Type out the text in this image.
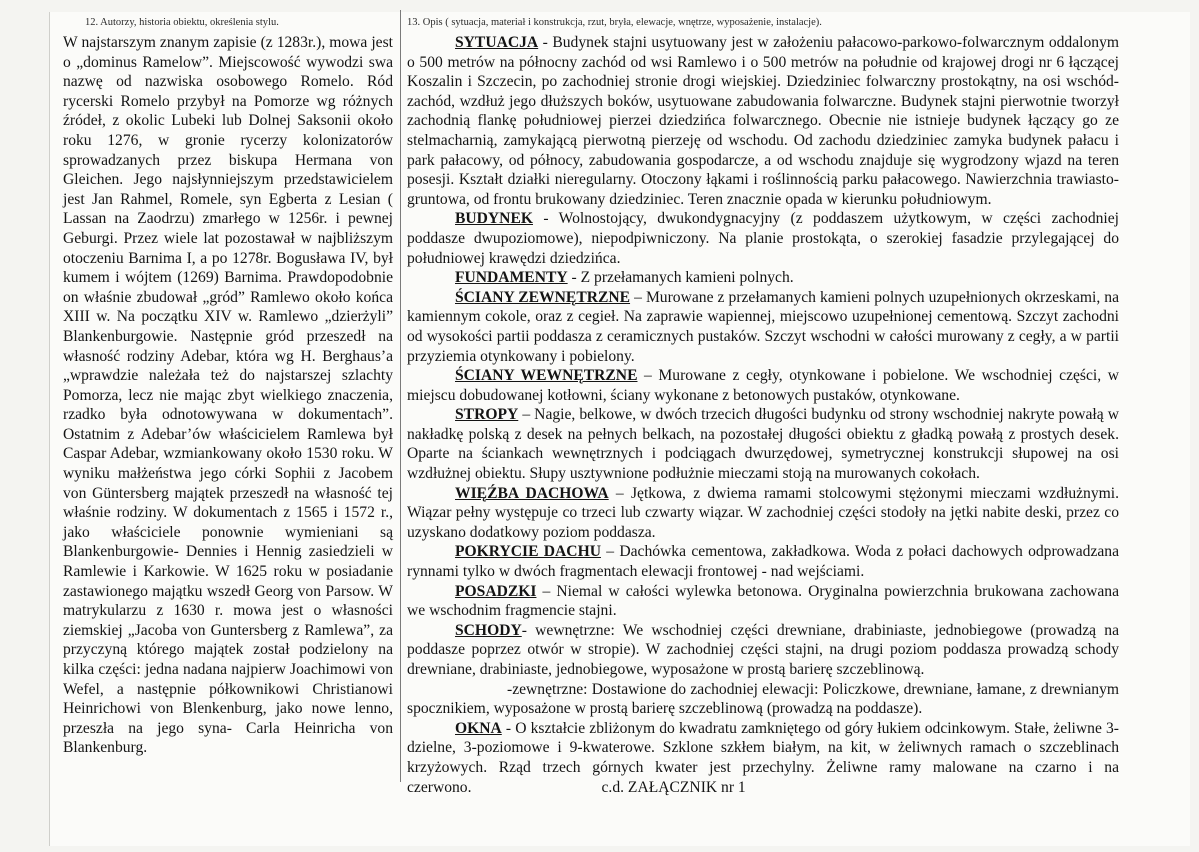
12. Autorzy, historia obiektu, określenia stylu.

W najstarszym znanym zapisie (z 1283r.), mowa jest o „dominus Ramelow”. Miejscowość wywodzi swa nazwę od nazwiska osobowego Romelo. Ród rycerski Romelo przybył na Pomorze wg różnych źródeł, z okolic Lubeki lub Dolnej Saksonii około roku 1276, w gronie rycerzy kolonizatorów sprowadzanych przez biskupa Hermana von Gleichen. Jego najsłynniejszym przedstawicielem jest Jan Rahmel, Romele, syn Egberta z Lesian ( Lassan na Zaodrzu) zmarłego w 1256r. i pewnej Geburgi. Przez wiele lat pozostawał w najbliższym otoczeniu Barnima I, a po 1278r. Bogusława IV, był kumem i wójtem (1269) Barnima. Prawdopodobnie on właśnie zbudował „gród” Ramlewo około końca XIII w. Na początku XIV w. Ramlewo „dzierżyli” Blankenburgowie. Następnie gród przeszedł na własność rodziny Adebar, która wg H. Berghaus’a „wprawdzie należała też do najstarszej szlachty Pomorza, lecz nie mając zbyt wielkiego znaczenia, rzadko była odnotowywana w dokumentach”. Ostatnim z Adebar’ów właścicielem Ramlewa był Caspar Adebar, wzmiankowany około 1530 roku. W wyniku małżeństwa jego córki Sophii z Jacobem von Güntersberg majątek przeszedł na własność tej właśnie rodziny. W dokumentach z 1565 i 1572 r., jako właściciele ponownie wymieniani są Blankenburgowie- Dennies i Hennig zasiedzieli w Ramlewie i Karkowie. W 1625 roku w posiadanie zastawionego majątku wszedł Georg von Parsow. W matrykularzu z 1630 r. mowa jest o własności ziemskiej „Jacoba von Guntersberg z Ramlewa”, za przyczyną którego majątek został podzielony na kilka części: jedna nadana najpierw Joachimowi von Wefel, a następnie półkownikowi Christianowi Heinrichowi von Blenkenburg, jako nowe lenno, przeszła na jego syna- Carla Heinricha von Blankenburg.

13. Opis ( sytuacja, materiał i konstrukcja, rzut, bryła, elewacje, wnętrze, wyposażenie, instalacje).

SYTUACJA - Budynek stajni usytuowany jest w założeniu pałacowo-parkowo-folwarcznym oddalonym o 500 metrów na północny zachód od wsi Ramlewo i o 500 metrów na południe od krajowej drogi nr 6 łączącej Koszalin i Szczecin, po zachodniej stronie drogi wiejskiej. Dziedziniec folwarczny prostokątny, na osi wschód-zachód, wzdłuż jego dłuższych boków, usytuowane zabudowania folwarczne. Budynek stajni pierwotnie tworzył zachodnią flankę południowej pierzei dziedzińca folwarcznego. Obecnie nie istnieje budynek łączący go ze stelmacharnią, zamykającą pierwotną pierzeję od wschodu. Od zachodu dziedziniec zamyka budynek pałacu i park pałacowy, od północy, zabudowania gospodarcze, a od wschodu znajduje się wygrodzony wjazd na teren posesji. Kształt działki nieregularny. Otoczony łąkami i roślinnością parku pałacowego. Nawierzchnia trawiasto-gruntowa, od frontu brukowany dziedziniec. Teren znacznie opada w kierunku południowym.

BUDYNEK - Wolnostojący, dwukondygnacyjny (z poddaszem użytkowym, w części zachodniej poddasze dwupoziomowe), niepodpiwniczony. Na planie prostokąta, o szerokiej fasadzie przylegającej do południowej krawędzi dziedzińca.

FUNDAMENTY - Z przełamanych kamieni polnych.

ŚCIANY ZEWNĘTRZNE – Murowane z przełamanych kamieni polnych uzupełnionych okrzeskami, na kamiennym cokole, oraz z cegieł. Na zaprawie wapiennej, miejscowo uzupełnionej cementową. Szczyt zachodni od wysokości partii poddasza z ceramicznych pustaków. Szczyt wschodni w całości murowany z cegły, a w partii przyziemia otynkowany i pobielony.

ŚCIANY WEWNĘTRZNE – Murowane z cegły, otynkowane i pobielone. We wschodniej części, w miejscu dobudowanej kotłowni, ściany wykonane z betonowych pustaków, otynkowane.

STROPY – Nagie, belkowe, w dwóch trzecich długości budynku od strony wschodniej nakryte powałą w nakładkę polską z desek na pełnych belkach, na pozostałej długości obiektu z gładką powałą z prostych desek. Oparte na ściankach wewnętrznych i podciągach dwurzędowej, symetrycznej konstrukcji słupowej na osi wzdłużnej obiektu. Słupy usztywnione podłużnie mieczami stoją na murowanych cokołach.

WIĘŹBA DACHOWA – Jętkowa, z dwiema ramami stolcowymi stężonymi mieczami wzdłużnymi. Wiązar pełny występuje co trzeci lub czwarty wiązar. W zachodniej części stodoły na jętki nabite deski, przez co uzyskano dodatkowy poziom poddasza.

POKRYCIE DACHU – Dachówka cementowa, zakładkowa. Woda z połaci dachowych odprowadzana rynnami tylko w dwóch fragmentach elewacji frontowej - nad wejściami.

POSADZKI – Niemal w całości wylewka betonowa. Oryginalna powierzchnia brukowana zachowana we wschodnim fragmencie stajni.

SCHODY- wewnętrzne: We wschodniej części drewniane, drabiniaste, jednobiegowe (prowadzą na poddasze poprzez otwór w stropie). W zachodniej części stajni, na drugi poziom poddasza prowadzą schody drewniane, drabiniaste, jednobiegowe, wyposażone w prostą barierę szczeblinową.

-zewnętrzne: Dostawione do zachodniej elewacji: Policzkowe, drewniane, łamane, z drewnianym spocznikiem, wyposażone w prostą barierę szczeblinową (prowadzą na poddasze).

OKNA - O kształcie zbliżonym do kwadratu zamkniętego od góry łukiem odcinkowym. Stałe, żeliwne 3-dzielne, 3-poziomowe i 9-kwaterowe. Szklone szkłem białym, na kit, w żeliwnych ramach o szczeblinach krzyżowych. Rząd trzech górnych kwater jest przechylny. Żeliwne ramy malowane na czarno i na czerwono.	c.d. ZAŁĄCZNIK nr 1
